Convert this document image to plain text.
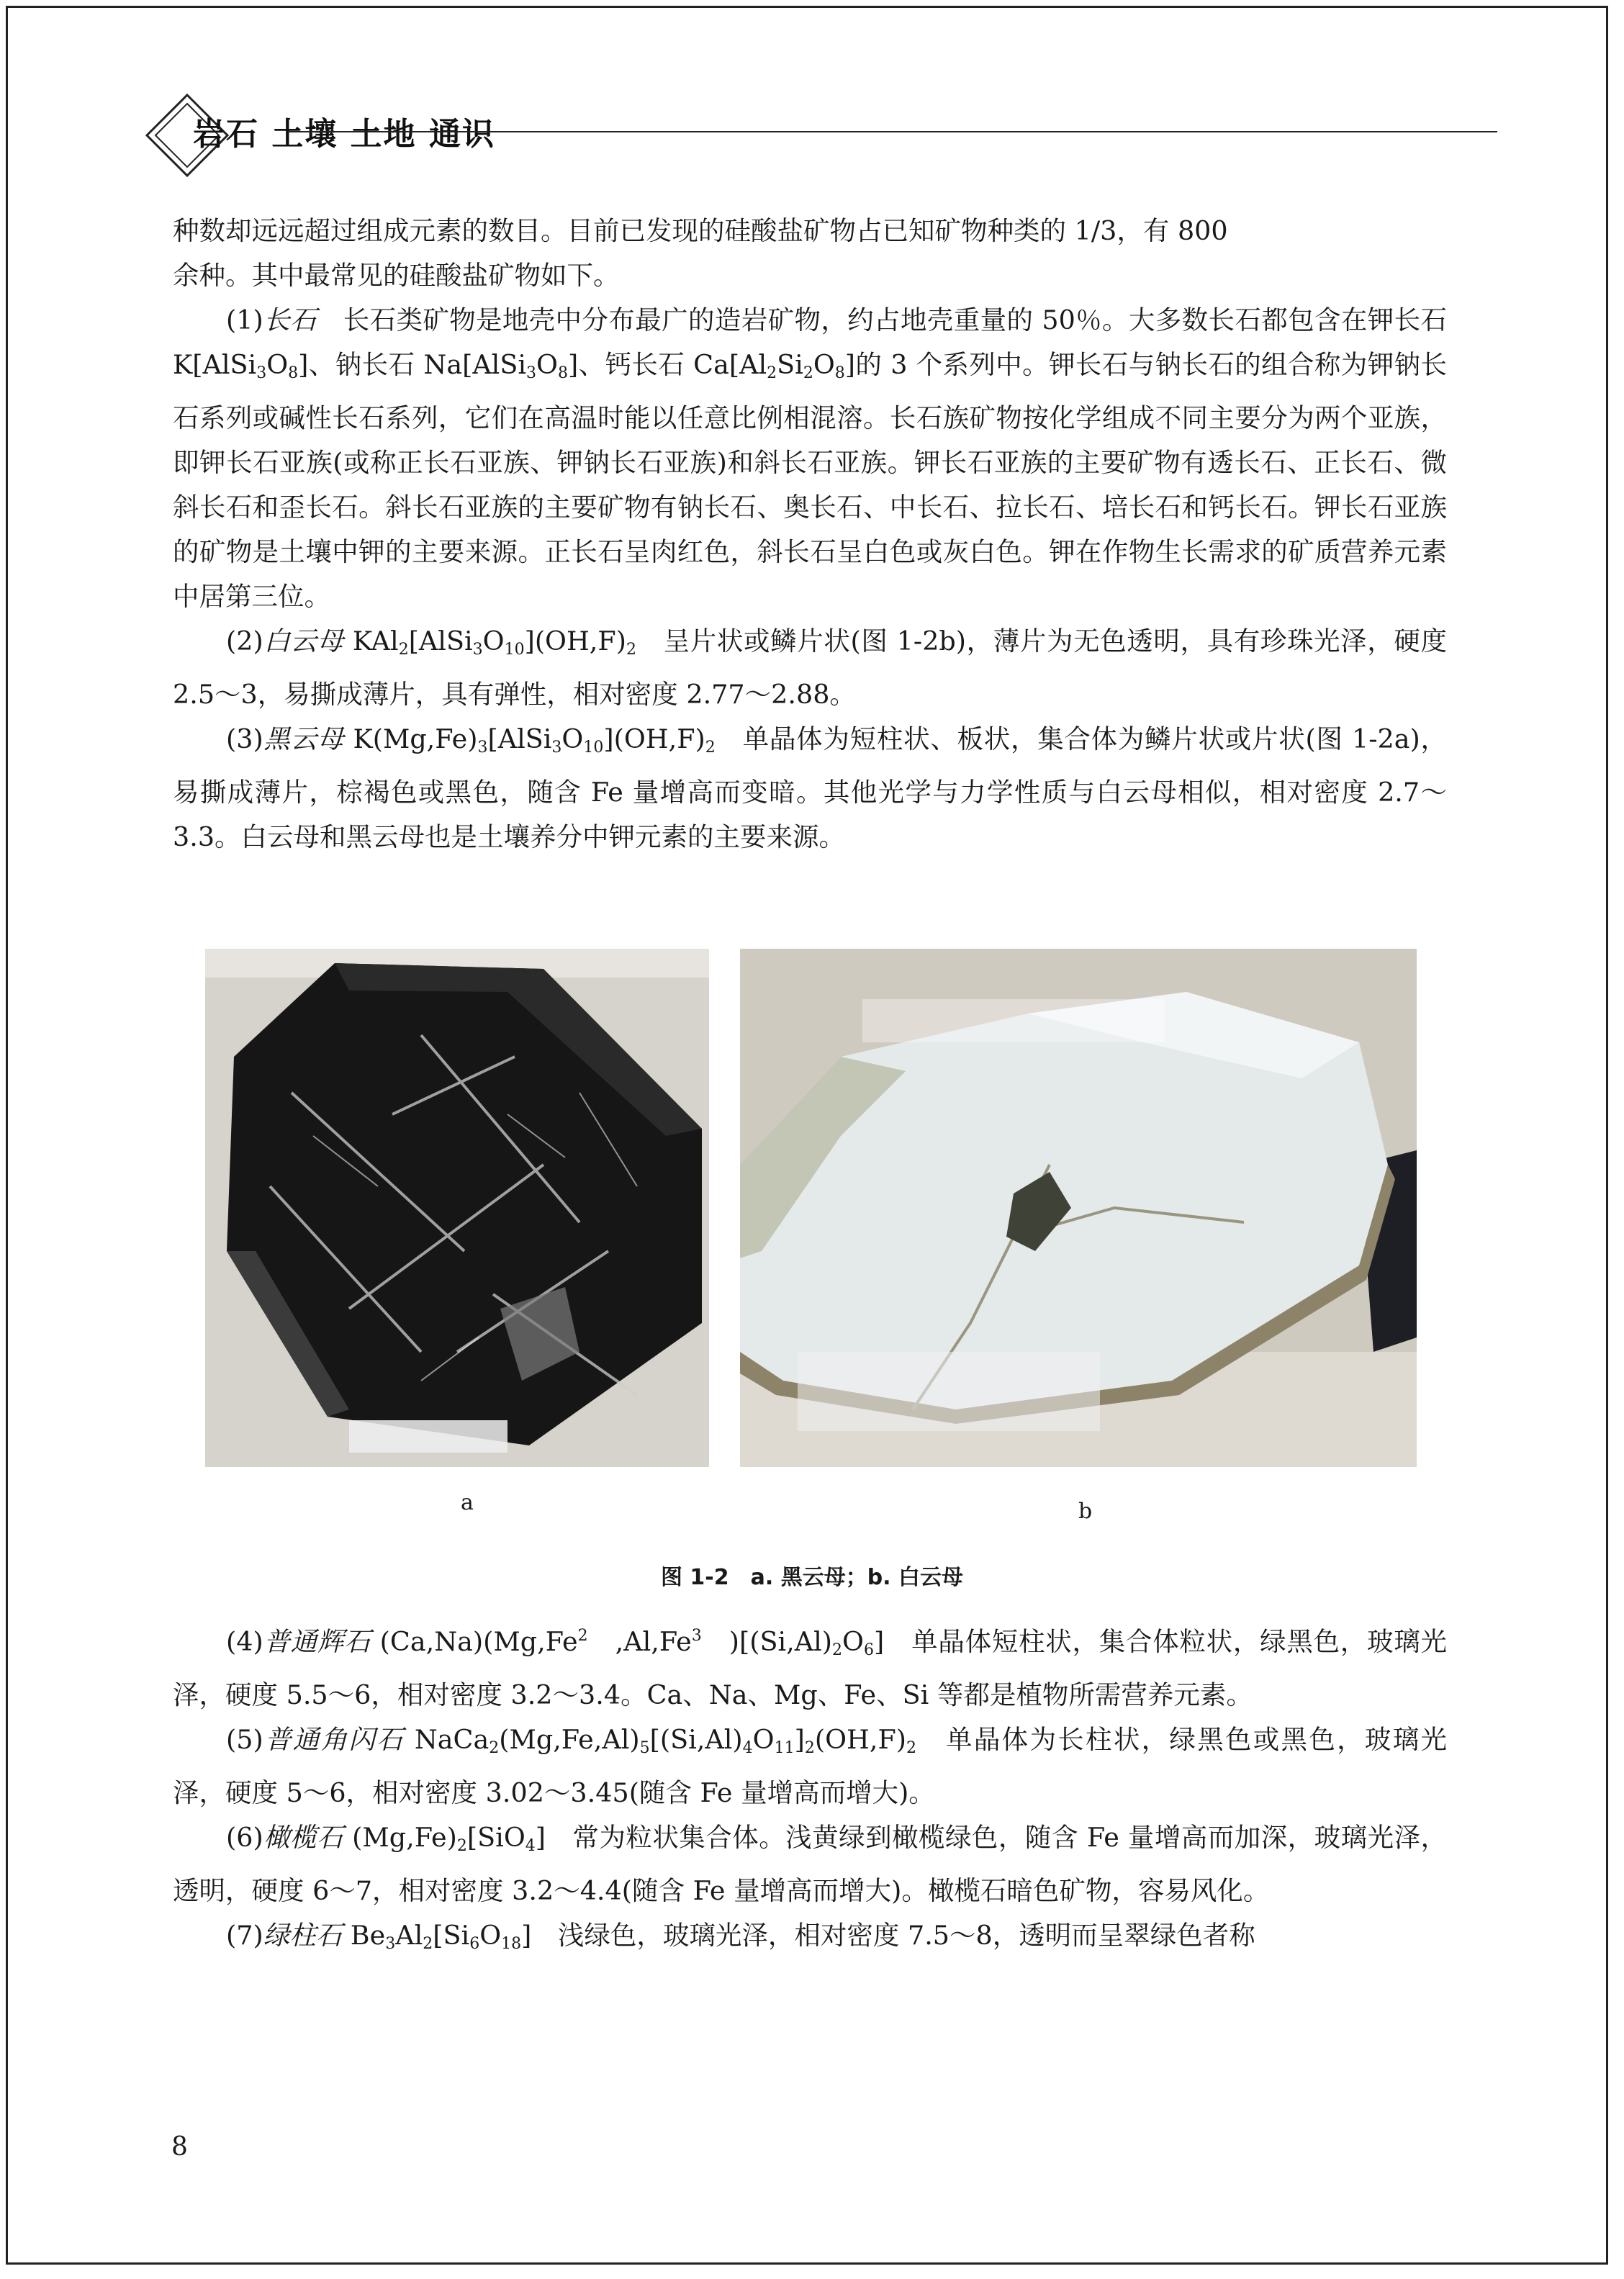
岩石 土壤 土地 通识

种数却远远超过组成元素的数目。目前已发现的硅酸盐矿物占已知矿物种类的 1/3，有 800
余种。其中最常见的硅酸盐矿物如下。

(1)长石　长石类矿物是地壳中分布最广的造岩矿物，约占地壳重量的 50％。大多数长石都包含在钾长石 $K[AlSi_3O_8]$、钠长石 $Na[AlSi_3O_8]$、钙长石 $Ca[Al_2Si_2O_8]$的 3 个系列中。钾长石与钠长石的组合称为钾钠长石系列或碱性长石系列，它们在高温时能以任意比例相混溶。长石族矿物按化学组成不同主要分为两个亚族，即钾长石亚族(或称正长石亚族、钾钠长石亚族)和斜长石亚族。钾长石亚族的主要矿物有透长石、正长石、微斜长石和歪长石。斜长石亚族的主要矿物有钠长石、奥长石、中长石、拉长石、培长石和钙长石。钾长石亚族的矿物是土壤中钾的主要来源。正长石呈肉红色，斜长石呈白色或灰白色。钾在作物生长需求的矿质营养元素中居第三位。

(2)白云母 $KAl_2[AlSi_3O_{10}](OH,F)_2$　呈片状或鳞片状(图 1-2b)，薄片为无色透明，具有珍珠光泽，硬度 2.5～3，易撕成薄片，具有弹性，相对密度 2.77～2.88。

(3)黑云母 $K(Mg,Fe)_3[AlSi_3O_{10}](OH,F)_2$　单晶体为短柱状、板状，集合体为鳞片状或片状(图 1-2a)，易撕成薄片，棕褐色或黑色，随含 Fe 量增高而变暗。其他光学与力学性质与白云母相似，相对密度 2.7～3.3。白云母和黑云母也是土壤养分中钾元素的主要来源。

a	b
图 1-2　a. 黑云母；b. 白云母

(4)普通辉石 (Ca,Na)(Mg,Fe$^2$　,Al,Fe$^3$　)$[(Si,Al)_2O_6]$　单晶体短柱状，集合体粒状，绿黑色，玻璃光泽，硬度 5.5～6，相对密度 3.2～3.4。Ca、Na、Mg、Fe、Si 等都是植物所需营养元素。

(5)普通角闪石 $NaCa_2(Mg,Fe,Al)_5[(Si,Al)_4O_{11}]_2(OH,F)_2$　单晶体为长柱状，绿黑色或黑色，玻璃光泽，硬度 5～6，相对密度 3.02～3.45(随含 Fe 量增高而增大)。

(6)橄榄石 $(Mg,Fe)_2[SiO_4]$　常为粒状集合体。浅黄绿到橄榄绿色，随含 Fe 量增高而加深，玻璃光泽，透明，硬度 6～7，相对密度 3.2～4.4(随含 Fe 量增高而增大)。橄榄石暗色矿物，容易风化。

(7)绿柱石 $Be_3Al_2[Si_6O_{18}]$　浅绿色，玻璃光泽，相对密度 7.5～8，透明而呈翠绿色者称

8
